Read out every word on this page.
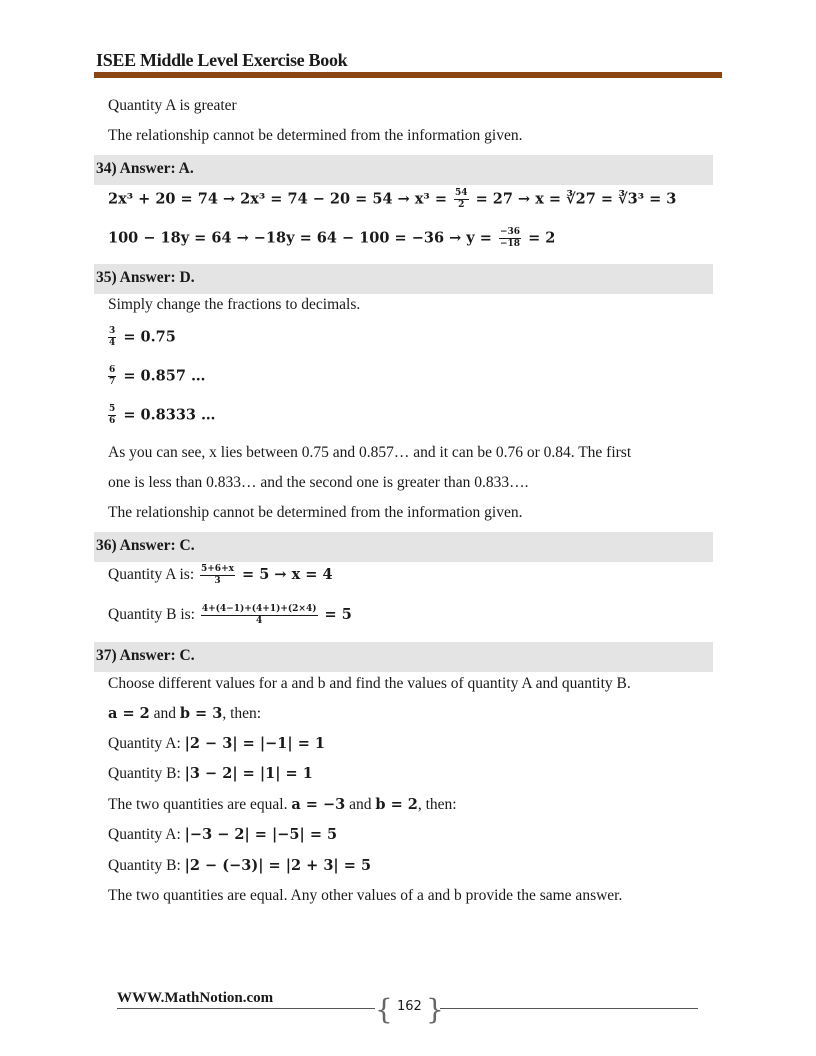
ISEE Middle Level Exercise Book
Quantity A is greater
The relationship cannot be determined from the information given.
34) Answer: A.
$2x^3 + 20 = 74 \to 2x^3 = 74 - 20 = 54 \to x^3 = \frac{54}{2} = 27 \to x$ = ∛27 = ∛3³ = 3
$100 - 18y = 64 \to -18y = 64 - 100 = -36 \to y = \frac{-36}{-18} = 2$
35) Answer: D.
Simply change the fractions to decimals.
$\frac{3}{4} = 0.75$
$\frac{6}{7} = 0.857$ …
$\frac{5}{6} = 0.8333$ …
As you can see, x lies between 0.75 and 0.857… and it can be 0.76 or 0.84. The first
one is less than 0.833… and the second one is greater than 0.833….
The relationship cannot be determined from the information given.
36) Answer: C.
Quantity A is: $\frac{5+6+x}{3} = 5 \to x = 4$
Quantity B is: $\frac{4+(4-1)+(4+1)+(2\times 4)}{4} = 5$
37) Answer: C.
Choose different values for a and b and find the values of quantity A and quantity B.
a = 2 and b = 3, then:
Quantity A: |2 − 3| = |−1| = 1
Quantity B: |3 − 2| = |1| = 1
The two quantities are equal. a = −3 and b = 2, then:
Quantity A: |−3 − 2| = |−5| = 5
Quantity B: |2 − (−3)| = |2 + 3| = 5
The two quantities are equal. Any other values of a and b provide the same answer.
WWW.MathNotion.com	{ }
162
